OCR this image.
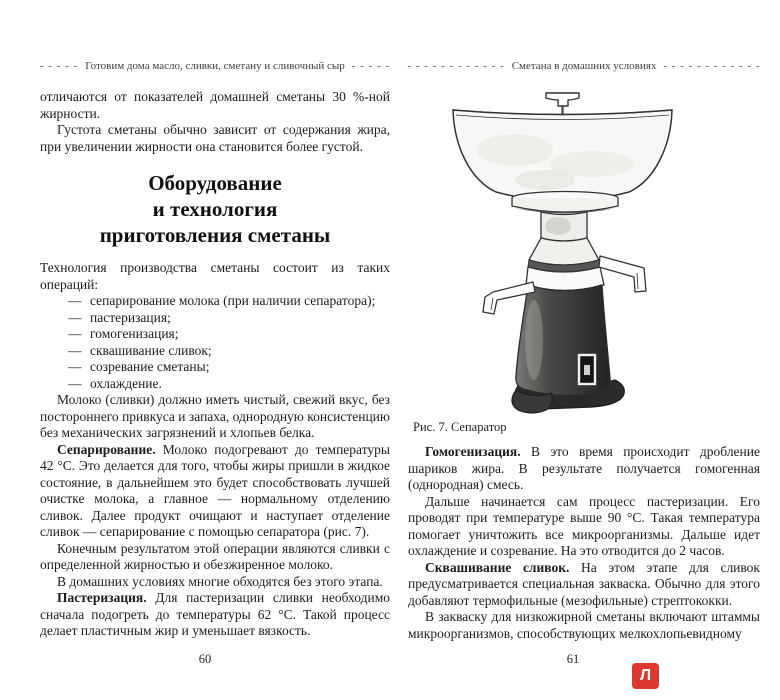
- - - - - Готовим дома масло, сливки, сметану и сливочный сыр - - - - -

отличаются от показателей домашней сметаны 30 %-ной жирности.

Густота сметаны обычно зависит от содержания жира, при увеличении жирности она становится более густой.

Оборудование
и технология
приготовления сметаны

Технология производства сметаны состоит из таких операций:

— сепарирование молока (при наличии сепаратора);
— пастеризация;
— гомогенизация;
— сквашивание сливок;
— созревание сметаны;
— охлаждение.

Молоко (сливки) должно иметь чистый, свежий вкус, без постороннего привкуса и запаха, однородную консистенцию без механических загрязнений и хлопьев белка.

Сепарирование. Молоко подогревают до температуры 42 °С. Это делается для того, чтобы жиры пришли в жидкое состояние, в дальнейшем это будет способствовать лучшей очистке молока, а главное — нормальному отделению сливок. Далее продукт очищают и наступает отделение сливок — сепарирование с помощью сепаратора (рис. 7).

Конечным результатом этой операции являются сливки с определенной жирностью и обезжиренное молоко.

В домашних условиях многие обходятся без этого этапа.

Пастеризация. Для пастеризации сливки необходимо сначала подогреть до температуры 62 °С. Такой процесс делает пластичным жир и уменьшает вязкость.

60
- - - - - - - - - - - - Сметана в домашних условиях - - - - - - - - - - - -
Рис. 7. Сепаратор

Гомогенизация. В это время происходит дробление шариков жира. В результате получается гомогенная (однородная) смесь.

Дальше начинается сам процесс пастеризации. Его проводят при температуре выше 90 °С. Такая температура помогает уничтожить все микроорганизмы. Дальше идет охлаждение и созревание. На это отводится до 2 часов.

Сквашивание сливок. На этом этапе для сливок предусматривается специальная закваска. Обычно для этого добавляют термофильные (мезофильные) стрептококки.

В закваску для низкожирной сметаны включают штаммы микроорганизмов, способствующих мелкохлопьевидному

61
Л
